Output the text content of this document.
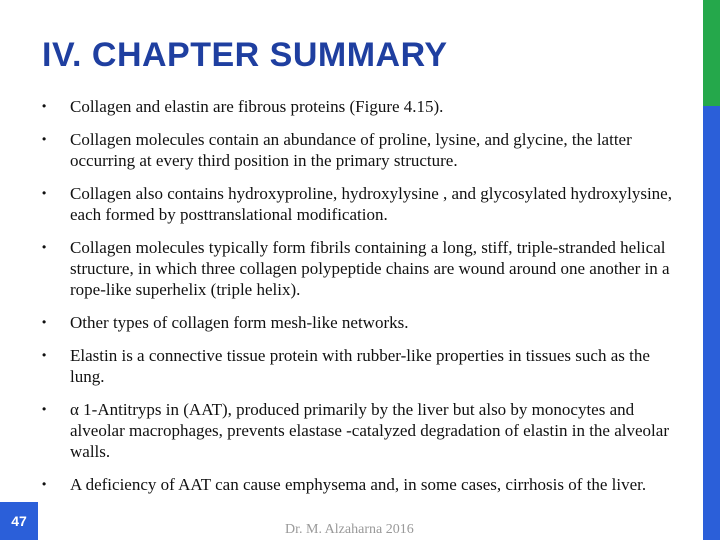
IV. CHAPTER SUMMARY
• Collagen and elastin are fibrous proteins (Figure 4.15).
• Collagen molecules contain an abundance of proline, lysine, and glycine, the latter occurring at every third position in the primary structure.
• Collagen also contains hydroxyproline, hydroxylysine , and glycosylated hydroxylysine, each formed by posttranslational modification.
• Collagen molecules typically form fibrils containing a long, stiff, triple-stranded helical structure, in which three collagen polypeptide chains are wound around one another in a rope-like superhelix (triple helix).
• Other types of collagen form mesh-like networks.
• Elastin is a connective tissue protein with rubber-like properties in tissues such as the lung.
• α 1-Antitryps in (AAT), produced primarily by the liver but also by monocytes and alveolar macrophages, prevents elastase -catalyzed degradation of elastin in the alveolar walls.
• A deficiency of AAT can cause emphysema and, in some cases, cirrhosis of the liver.
47
Dr. M. Alzaharna 2016
